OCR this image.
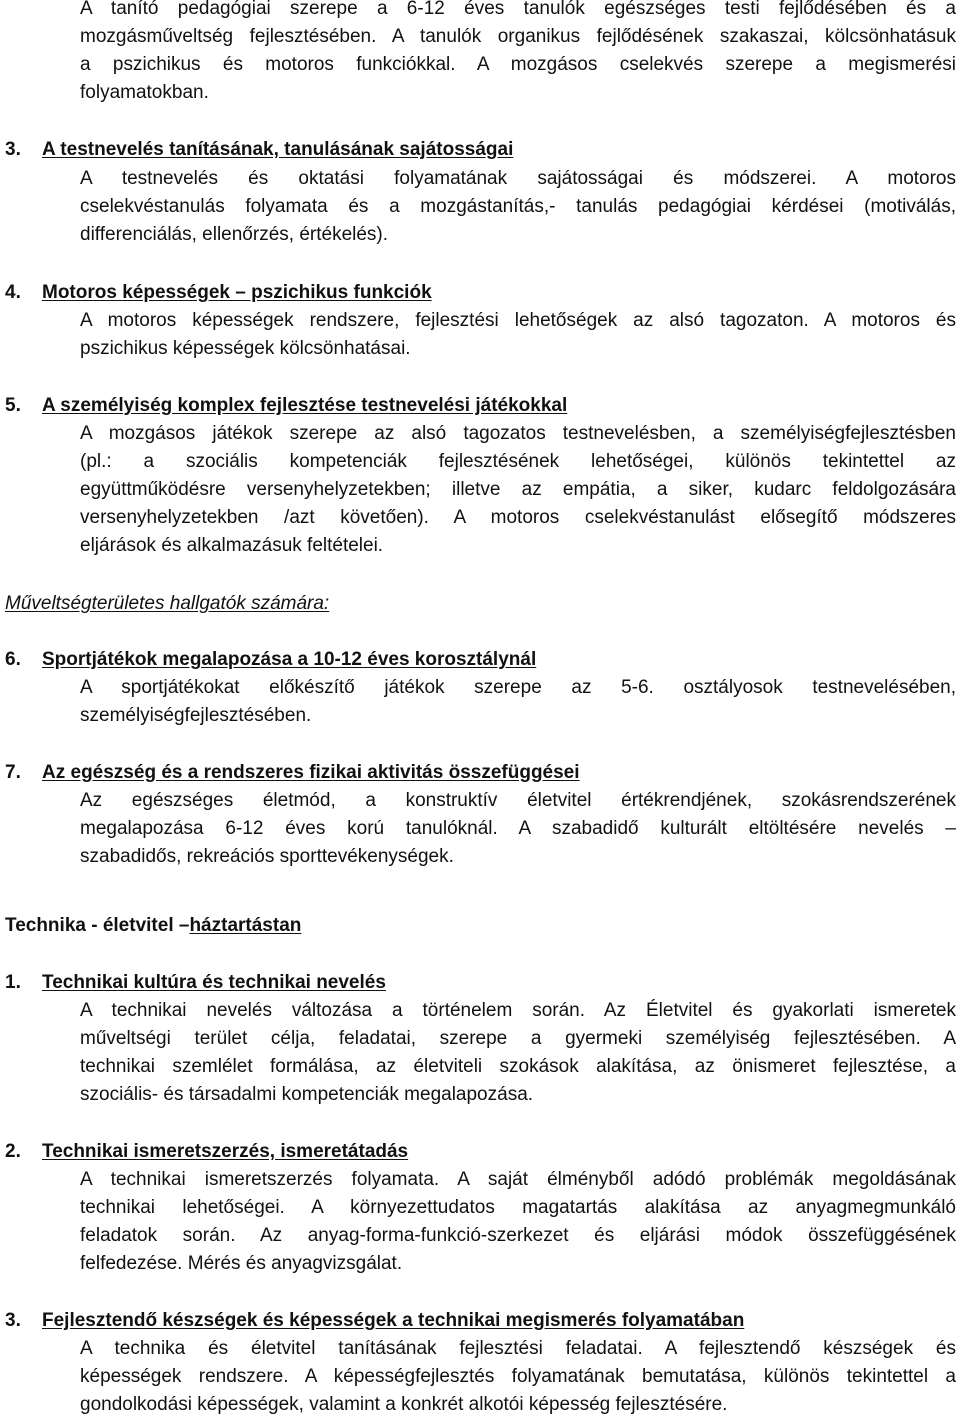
A tanító pedagógiai szerepe a 6-12 éves tanulók egészséges testi fejlődésében és a
mozgásműveltség fejlesztésében. A tanulók organikus fejlődésének szakaszai, kölcsönhatásuk
a pszichikus és motoros funkciókkal. A mozgásos cselekvés szerepe a megismerési
folyamatokban.
3. A testnevelés tanításának, tanulásának sajátosságai
A testnevelés és oktatási folyamatának sajátosságai és módszerei. A motoros
cselekvéstanulás folyamata és a mozgástanítás,- tanulás pedagógiai kérdései (motiválás,
differenciálás, ellenőrzés, értékelés).
4. Motoros képességek – pszichikus funkciók
A motoros képességek rendszere, fejlesztési lehetőségek az alsó tagozaton. A motoros és
pszichikus képességek kölcsönhatásai.
5. A személyiség komplex fejlesztése testnevelési játékokkal
A mozgásos játékok szerepe az alsó tagozatos testnevelésben, a személyiségfejlesztésben
(pl.: a szociális kompetenciák fejlesztésének lehetőségei, különös tekintettel az
együttműködésre versenyhelyzetekben; illetve az empátia, a siker, kudarc feldolgozására
versenyhelyzetekben /azt követően). A motoros cselekvéstanulást elősegítő módszeres
eljárások és alkalmazásuk feltételei.
Műveltségterületes hallgatók számára:
6. Sportjátékok megalapozása a 10-12 éves korosztálynál
A sportjátékokat előkészítő játékok szerepe az 5-6. osztályosok testnevelésében,
személyiségfejlesztésében.
7. Az egészség és a rendszeres fizikai aktivitás összefüggései
Az egészséges életmód, a konstruktív életvitel értékrendjének, szokásrendszerének
megalapozása 6-12 éves korú tanulóknál. A szabadidő kulturált eltöltésére nevelés –
szabadidős, rekreációs sporttevékenységek.
Technika - életvitel –háztartástan
1. Technikai kultúra és technikai nevelés
A technikai nevelés változása a történelem során. Az Életvitel és gyakorlati ismeretek
műveltségi terület célja, feladatai, szerepe a gyermeki személyiség fejlesztésében. A
technikai szemlélet formálása, az életviteli szokások alakítása, az önismeret fejlesztése, a
szociális- és társadalmi kompetenciák megalapozása.
2. Technikai ismeretszerzés, ismeretátadás
A technikai ismeretszerzés folyamata. A saját élményből adódó problémák megoldásának
technikai lehetőségei. A környezettudatos magatartás alakítása az anyagmegmunkáló
feladatok során. Az anyag-forma-funkció-szerkezet és eljárási módok összefüggésének
felfedezése. Mérés és anyagvizsgálat.
3. Fejlesztendő készségek és képességek a technikai megismerés folyamatában
A technika és életvitel tanításának fejlesztési feladatai. A fejlesztendő készségek és
képességek rendszere. A képességfejlesztés folyamatának bemutatása, különös tekintettel a
gondolkodási képességek, valamint a konkrét alkotói képesség fejlesztésére.
